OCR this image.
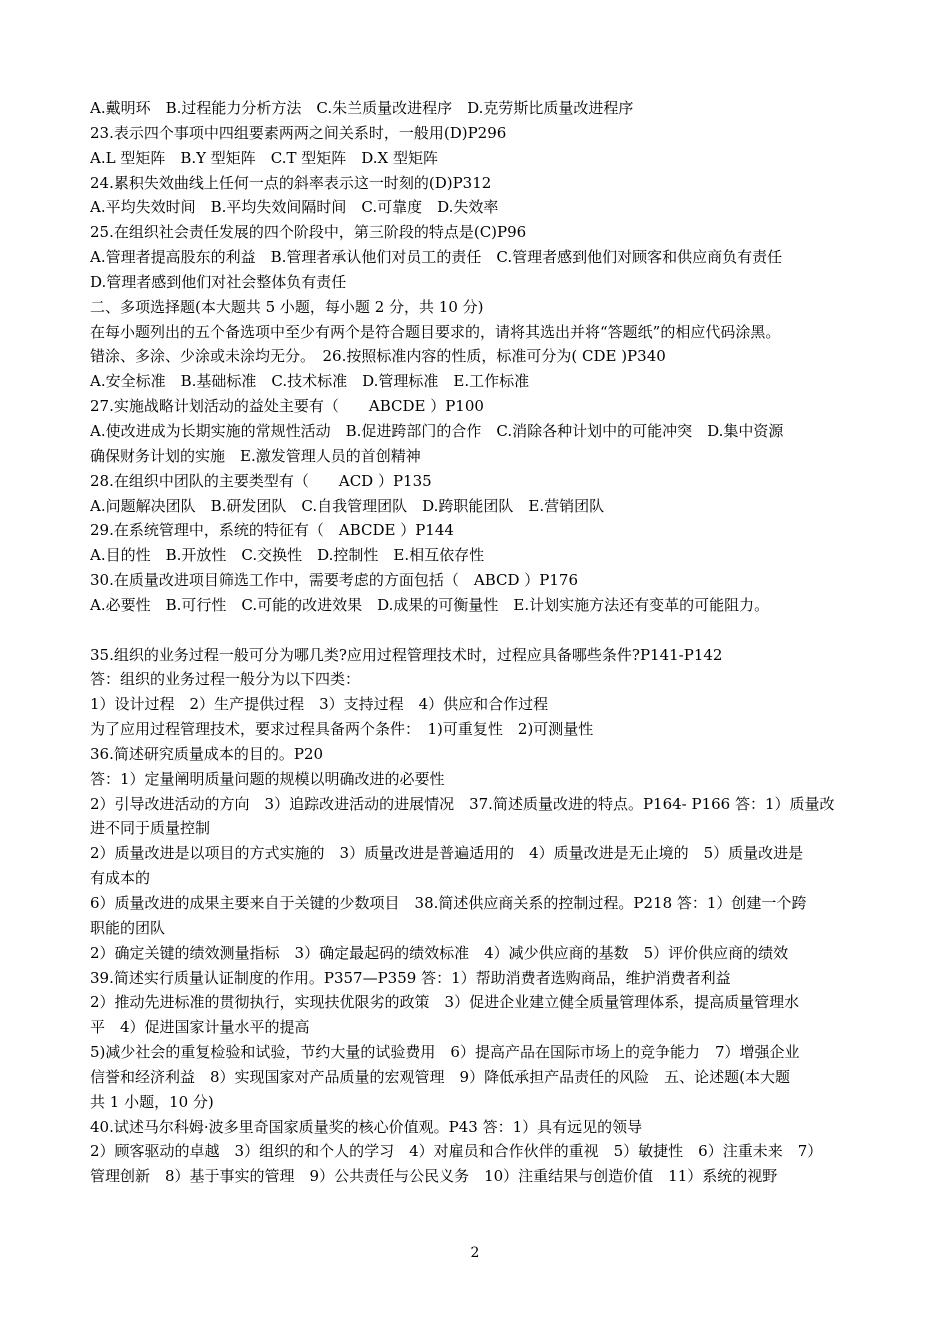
A.戴明环　B.过程能力分析方法　C.朱兰质量改进程序　D.克劳斯比质量改进程序
23.表示四个事项中四组要素两两之间关系时，一般用(D)P296
A.L 型矩阵　B.Y 型矩阵　C.T 型矩阵　D.X 型矩阵
24.累积失效曲线上任何一点的斜率表示这一时刻的(D)P312
A.平均失效时间　B.平均失效间隔时间　C.可靠度　D.失效率
25.在组织社会责任发展的四个阶段中，第三阶段的特点是(C)P96
A.管理者提高股东的利益　B.管理者承认他们对员工的责任　C.管理者感到他们对顾客和供应商负有责任
D.管理者感到他们对社会整体负有责任
二、多项选择题(本大题共 5 小题，每小题 2 分，共 10 分)
在每小题列出的五个备选项中至少有两个是符合题目要求的，请将其选出并将“答题纸”的相应代码涂黑。
错涂、多涂、少涂或未涂均无分。　26.按照标准内容的性质，标准可分为( CDE )P340
A.安全标准　B.基础标准　C.技术标准　D.管理标准　E.工作标准
27.实施战略计划活动的益处主要有（　　ABCDE ）P100
A.使改进成为长期实施的常规性活动　B.促进跨部门的合作　C.消除各种计划中的可能冲突　D.集中资源
确保财务计划的实施　E.激发管理人员的首创精神
28.在组织中团队的主要类型有（　　ACD ）P135
A.问题解决团队　B.研发团队　C.自我管理团队　D.跨职能团队　E.营销团队
29.在系统管理中，系统的特征有（　ABCDE ）P144
A.目的性　B.开放性　C.交换性　D.控制性　E.相互依存性
30.在质量改进项目筛选工作中，需要考虑的方面包括（　ABCD ）P176
A.必要性　B.可行性　C.可能的改进效果　D.成果的可衡量性　E.计划实施方法还有变革的可能阻力。
35.组织的业务过程一般可分为哪几类?应用过程管理技术时，过程应具备哪些条件?P141-P142
答：组织的业务过程一般分为以下四类：
1）设计过程　2）生产提供过程　3）支持过程　4）供应和合作过程
为了应用过程管理技术，要求过程具备两个条件：　1)可重复性　2)可测量性
36.简述研究质量成本的目的。P20
答：1）定量阐明质量问题的规模以明确改进的必要性
2）引导改进活动的方向　3）追踪改进活动的进展情况　37.简述质量改进的特点。P164- P166 答：1）质量改
进不同于质量控制
2）质量改进是以项目的方式实施的　3）质量改进是普遍适用的　4）质量改进是无止境的　5）质量改进是
有成本的
6）质量改进的成果主要来自于关键的少数项目　38.简述供应商关系的控制过程。P218 答：1）创建一个跨
职能的团队
2）确定关键的绩效测量指标　3）确定最起码的绩效标准　4）减少供应商的基数　5）评价供应商的绩效
39.简述实行质量认证制度的作用。P357—P359 答：1）帮助消费者选购商品，维护消费者利益
2）推动先进标准的贯彻执行，实现扶优限劣的政策　3）促进企业建立健全质量管理体系，提高质量管理水
平　4）促进国家计量水平的提高
5)减少社会的重复检验和试验，节约大量的试验费用　6）提高产品在国际市场上的竞争能力　7）增强企业
信誉和经济利益　8）实现国家对产品质量的宏观管理　9）降低承担产品责任的风险　五、论述题(本大题
共 1 小题，10 分)
40.试述马尔科姆·波多里奇国家质量奖的核心价值观。P43 答：1）具有远见的领导
2）顾客驱动的卓越　3）组织的和个人的学习　4）对雇员和合作伙伴的重视　5）敏捷性　6）注重未来　7）
管理创新　8）基于事实的管理　9）公共责任与公民义务　10）注重结果与创造价值　11）系统的视野
2
